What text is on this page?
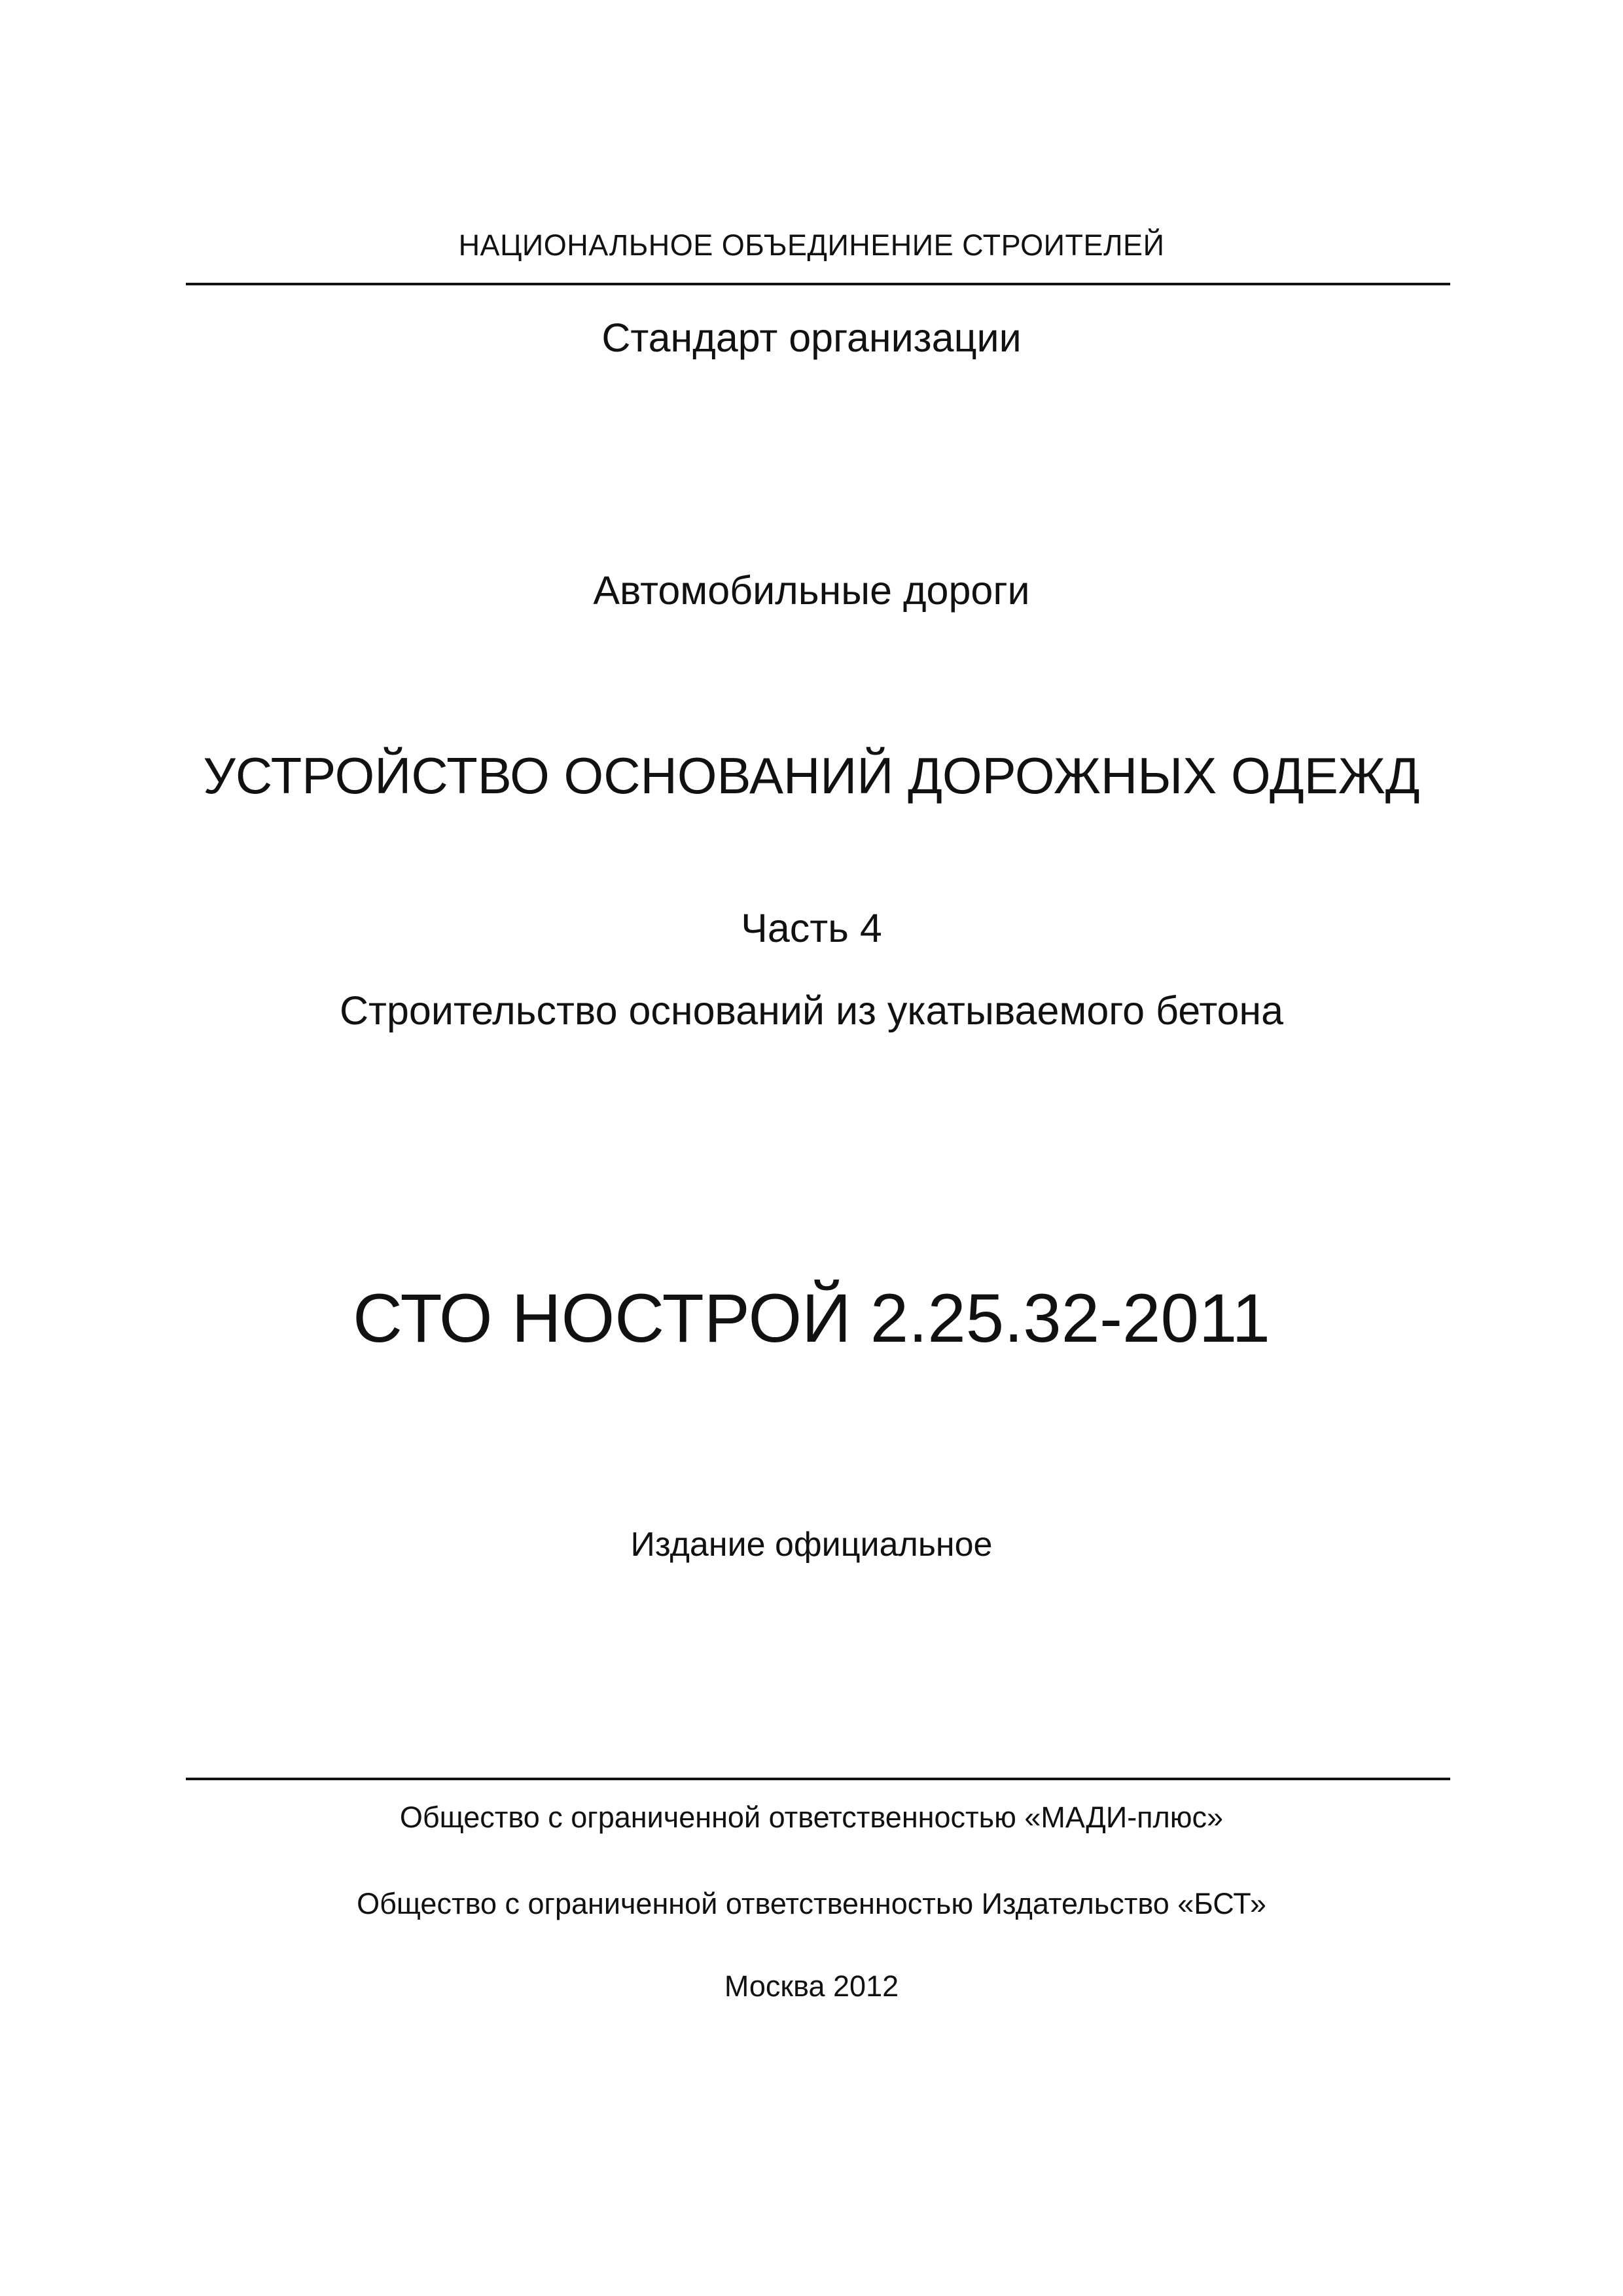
НАЦИОНАЛЬНОЕ ОБЪЕДИНЕНИЕ СТРОИТЕЛЕЙ
Стандарт организации
Автомобильные дороги
УСТРОЙСТВО ОСНОВАНИЙ ДОРОЖНЫХ ОДЕЖД
Часть 4
Строительство оснований из укатываемого бетона
СТО НОСТРОЙ 2.25.32-2011
Издание официальное
Общество с ограниченной ответственностью «МАДИ-плюс»
Общество с ограниченной ответственностью Издательство «БСТ»
Москва 2012
